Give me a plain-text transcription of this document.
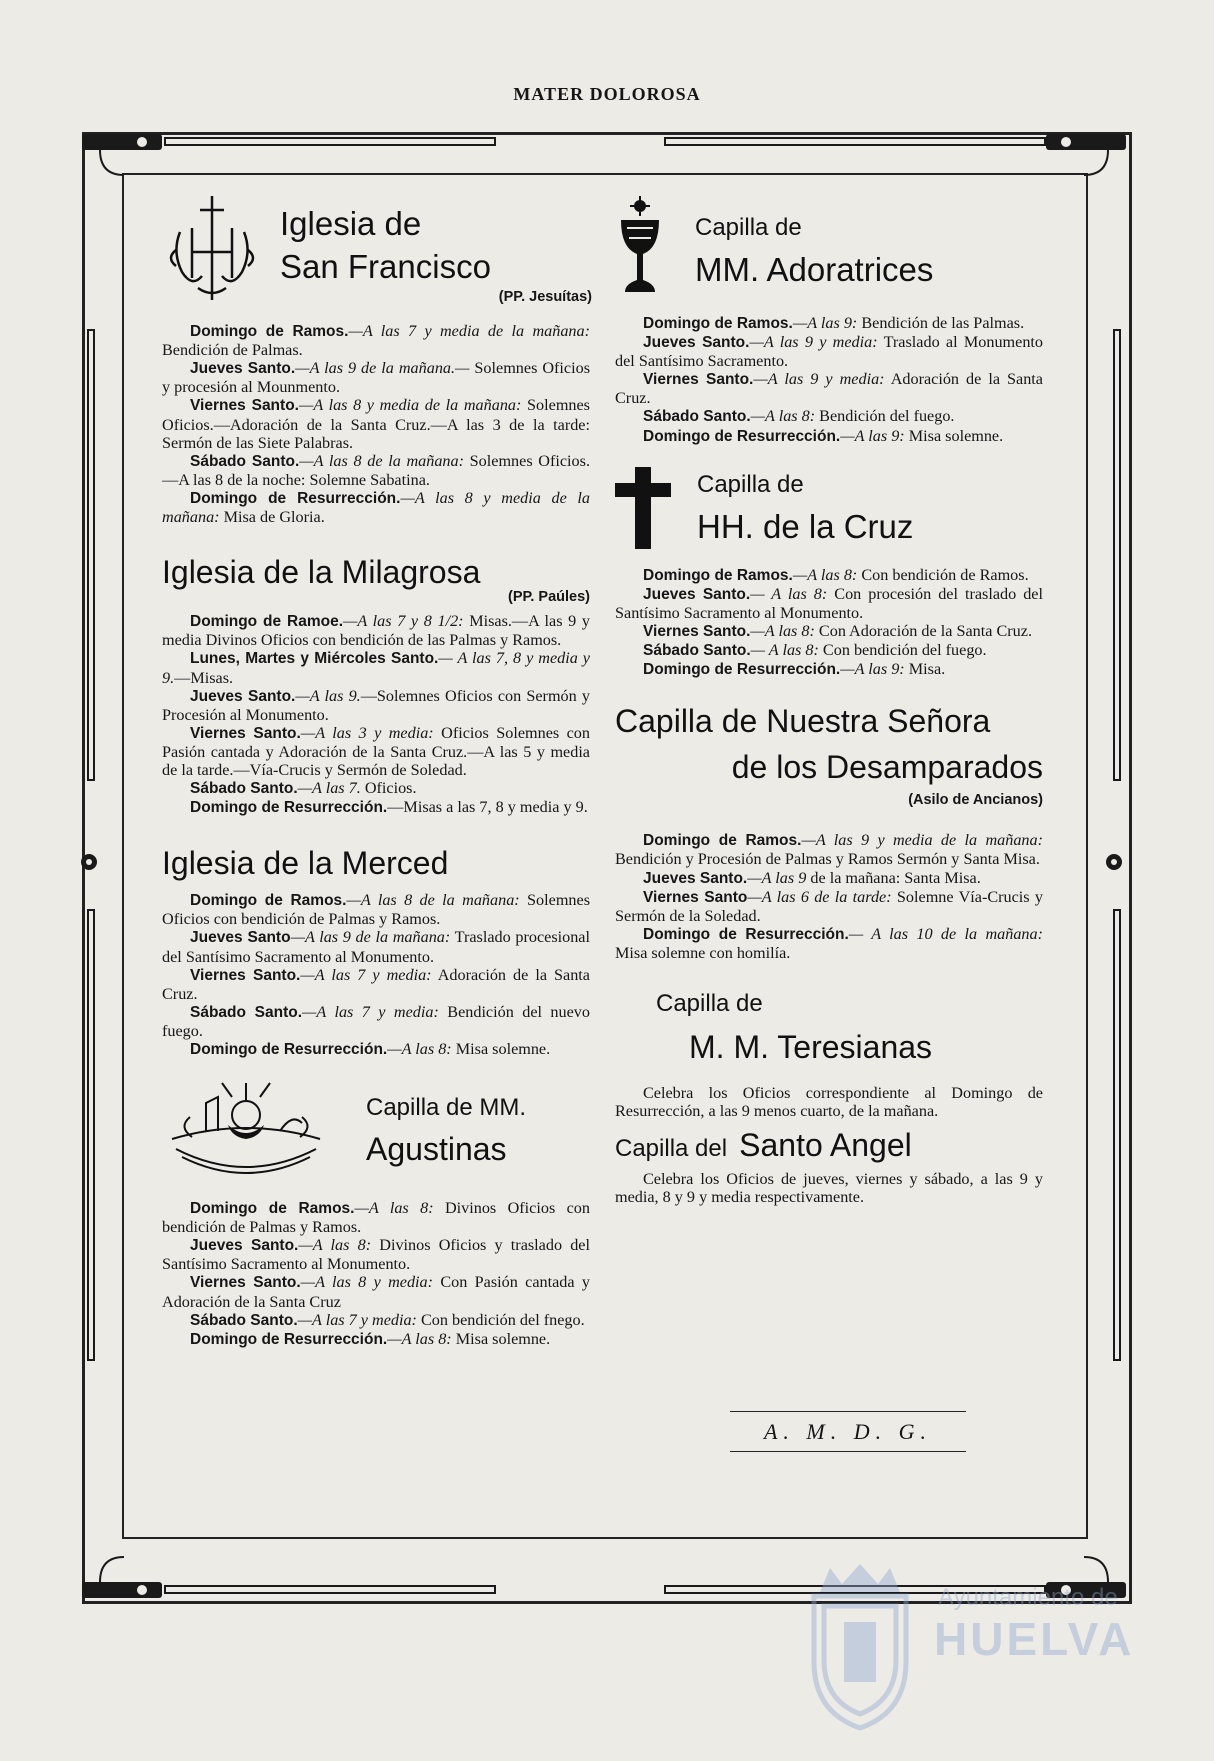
MATER DOLOROSA
Iglesia de
San Francisco
(PP. Jesuítas)

Domingo de Ramos.—A las 7 y media de la mañana: Bendición de Palmas.

Jueves Santo.—A las 9 de la mañana.— Solemnes Oficios y procesión al Mounmento.

Viernes Santo.—A las 8 y media de la mañana: Solemnes Oficios.—Adoración de la Santa Cruz.—A las 3 de la tarde: Sermón de las Siete Palabras.

Sábado Santo.—A las 8 de la mañana: Solemnes Oficios.—A las 8 de la noche: Solemne Sabatina.

Domingo de Resurrección.—A las 8 y media de la mañana: Misa de Gloria.

Iglesia de la Milagrosa
(PP. Paúles)

Domingo de Ramoe.—A las 7 y 8 1/2: Misas.—A las 9 y media Divinos Oficios con bendición de las Palmas y Ramos.

Lunes, Martes y Miércoles Santo.— A las 7, 8 y media y 9.—Misas.

Jueves Santo.—A las 9.—Solemnes Oficios con Sermón y Procesión al Monumento.

Viernes Santo.—A las 3 y media: Oficios Solemnes con Pasión cantada y Adoración de la Santa Cruz.—A las 5 y media de la tarde.—Vía-Crucis y Sermón de Soledad.

Sábado Santo.—A las 7. Oficios.

Domingo de Resurrección.—Misas a las 7, 8 y media y 9.

Iglesia de la Merced

Domingo de Ramos.—A las 8 de la mañana: Solemnes Oficios con bendición de Palmas y Ramos.

Jueves Santo—A las 9 de la mañana: Traslado procesional del Santísimo Sacramento al Monumento.

Viernes Santo.—A las 7 y media: Adoración de la Santa Cruz.

Sábado Santo.—A las 7 y media: Bendición del nuevo fuego.

Domingo de Resurrección.—A las 8: Misa solemne.

Capilla de MM.
Agustinas

Domingo de Ramos.—A las 8: Divinos Oficios con bendición de Palmas y Ramos.

Jueves Santo.—A las 8: Divinos Oficios y traslado del Santísimo Sacramento al Monumento.

Viernes Santo.—A las 8 y media: Con Pasión cantada y Adoración de la Santa Cruz

Sábado Santo.—A las 7 y media: Con bendición del fnego.

Domingo de Resurrección.—A las 8: Misa solemne.

Capilla de
MM. Adoratrices

Domingo de Ramos.—A las 9: Bendición de las Palmas.

Jueves Santo.—A las 9 y media: Traslado al Monumento del Santísimo Sacramento.

Viernes Santo.—A las 9 y media: Adoración de la Santa Cruz.

Sábado Santo.—A las 8: Bendición del fuego.

Domingo de Resurrección.—A las 9: Misa solemne.

Capilla de
HH. de la Cruz

Domingo de Ramos.—A las 8: Con bendición de Ramos.

Jueves Santo.— A las 8: Con procesión del traslado del Santísimo Sacramento al Monumento.

Viernes Santo.—A las 8: Con Adoración de la Santa Cruz.

Sábado Santo.— A las 8: Con bendición del fuego.

Domingo de Resurrección.—A las 9: Misa.

Capilla de Nuestra Señora
de los Desamparados
(Asilo de Ancianos)

Domingo de Ramos.—A las 9 y media de la mañana: Bendición y Procesión de Palmas y Ramos Sermón y Santa Misa.

Jueves Santo.—A las 9 de la mañana: Santa Misa.

Viernes Santo—A las 6 de la tarde: Solemne Vía-Crucis y Sermón de la Soledad.

Domingo de Resurrección.— A las 10 de la mañana: Misa solemne con homilía.

Capilla de
M. M. Teresianas

Celebra los Oficios correspondiente al Domingo de Resurrección, a las 9 menos cuarto, de la mañana.

Capilla del Santo Angel

Celebra los Oficios de jueves, viernes y sábado, a las 9 y media, 8 y 9 y media respectivamente.

A. M. D. G.
Ayuntamiento de
HUELVA
